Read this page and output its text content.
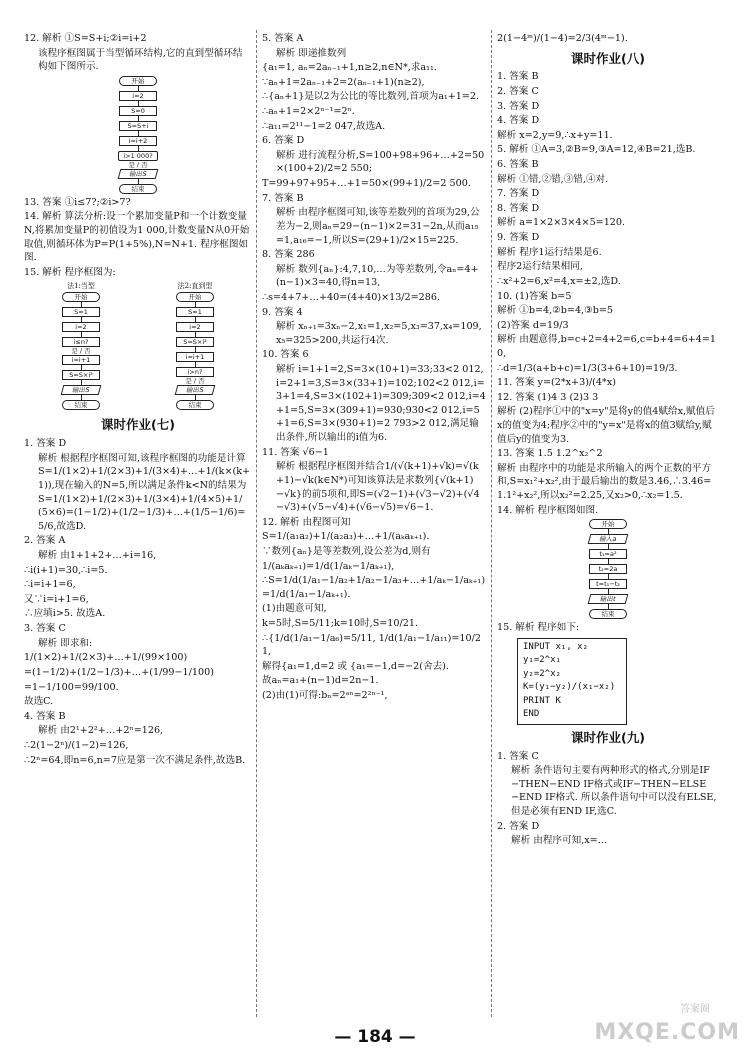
12. 解析 ①S=S+i;②i=i+2

该程序框图属于当型循环结构,它的直到型循环结构如下图所示.

开始
i=2
S=0
S=S+i
i=i+2
i>1 000?
是 / 否
输出S
结束

13. 答案 ①i≤7?;②i>7?

14. 解析 算法分析:设一个累加变量P和一个计数变量N,将累加变量P的初值设为1 000,计数变量N从0开始取值,则循环体为P=P(1+5%),N=N+1. 程序框图如图.

15. 解析 程序框图为:

法1:当型
开始
S=1
i=2
i≤n?
是 / 否
i=i+1
S=S×i²
输出S
结束
法2:直到型
开始
S=1
i=2
S=S×i²
i=i+1
i>n?
是 / 否
输出S
结束
课时作业(七)

1. 答案 D

解析 根据程序框图可知,该程序框图的功能是计算 S=1/(1×2)+1/(2×3)+1/(3×4)+…+1/(k×(k+1)),现在输入的N=5,所以满足条件k<N的结果为S=1/(1×2)+1/(2×3)+1/(3×4)+1/(4×5)+1/(5×6)=(1−1/2)+(1/2−1/3)+…+(1/5−1/6)=5/6,故选D.

2. 答案 A

解析 由1+1+2+…+i=16,

∴i(i+1)=30,∴i=5.

∴i=i+1=6,

又∵i=i+1=6,

∴应填i>5. 故选A.

3. 答案 C

解析 即求和:

1/(1×2)+1/(2×3)+…+1/(99×100)

=(1−1/2)+(1/2−1/3)+…+(1/99−1/100)

=1−1/100=99/100.

故选C.

4. 答案 B

解析 由2¹+2²+…+2ⁿ=126,

∴2(1−2ⁿ)/(1−2)=126,

∴2ⁿ=64,即n=6,n=7应是第一次不满足条件,故选B.

5. 答案 A

解析 即递推数列

{a₁=1, aₙ=2aₙ₋₁+1,n≥2,n∈N*,求a₁₁.

∵aₙ+1=2aₙ₋₁+2=2(aₙ₋₁+1)(n≥2),

∴{aₙ+1}是以2为公比的等比数列,首项为a₁+1=2.

∴aₙ+1=2×2ⁿ⁻¹=2ⁿ.

∴a₁₁=2¹¹−1=2 047,故选A.

6. 答案 D

解析 进行流程分析,S=100+98+96+…+2=50×(100+2)/2=2 550;

T=99+97+95+…+1=50×(99+1)/2=2 500.

7. 答案 B

解析 由程序框图可知,该等差数列的首项为29,公差为−2,则aₙ=29−(n−1)×2=31−2n,从而a₁₅=1,a₁₆=−1,所以S=(29+1)/2×15=225.

8. 答案 286

解析 数列{aₙ}:4,7,10,…为等差数列,令aₙ=4+(n−1)×3=40,得n=13,

∴s=4+7+…+40=(4+40)×13/2=286.

9. 答案 4

解析 xₙ₊₁=3xₙ−2,x₁=1,x₂=5,x₃=37,x₄=109,x₅=325>200,共运行4次.

10. 答案 6

解析 i=1+1=2,S=3×(10+1)=33;33<2 012,i=2+1=3,S=3×(33+1)=102;102<2 012,i=3+1=4,S=3×(102+1)=309;309<2 012,i=4+1=5,S=3×(309+1)=930;930<2 012,i=5+1=6,S=3×(930+1)=2 793>2 012,满足输出条件,所以输出的i值为6.

11. 答案 √6−1

解析 根据程序框图并结合1/(√(k+1)+√k)=√(k+1)−√k(k∈N*)可知该算法是求数列{√(k+1)−√k}的前5项和,即S=(√2−1)+(√3−√2)+(√4−√3)+(√5−√4)+(√6−√5)=√6−1.

12. 解析 由程图可知

S=1/(a₁a₂)+1/(a₂a₃)+…+1/(aₖaₖ₊₁).

∵数列{aₙ}是等差数列,设公差为d,则有

1/(aₖaₖ₊₁)=1/d(1/aₖ−1/aₖ₊₁),

∴S=1/d(1/a₁−1/a₂+1/a₂−1/a₃+…+1/aₖ−1/aₖ₊₁)=1/d(1/a₁−1/aₖ₊₁).

(1)由题意可知,

k=5时,S=5/11;k=10时,S=10/21.

∴{1/d(1/a₁−1/a₆)=5/11, 1/d(1/a₁−1/a₁₁)=10/21,

解得{a₁=1,d=2 或 {a₁=−1,d=−2(舍去).

故aₙ=a₁+(n−1)d=2n−1.

(2)由(1)可得:bₙ=2ᵃⁿ=2²ⁿ⁻¹,

2(1−4ᵐ)/(1−4)=2/3(4ᵐ−1).

课时作业(八)

1. 答案 B

2. 答案 C

3. 答案 D

4. 答案 D

解析 x=2,y=9,∴x+y=11.

5. 解析 ①A=3,②B=9,③A=12,④B=21,选B.

6. 答案 B

解析 ①错,②错,③错,④对.

7. 答案 D

8. 答案 D

解析 a=1×2×3×4×5=120.

9. 答案 D

解析 程序1运行结果是6.

程序2运行结果相同,

∴x²+2=6,x²=4,x=±2,选D.

10. (1)答案 b=5

解析 ①b=4,②b=4,③b=5

(2)答案 d=19/3

解析 由题意得,b=c+2=4+2=6,c=b+4=6+4=10,

∴d=1/3(a+b+c)=1/3(3+6+10)=19/3.

11. 答案 y=(2*x+3)/(4*x)

12. 答案 (1)4 3 (2)3 3

解析 (2)程序①中的"x=y"是将y的值4赋给x,赋值后x的值变为4;程序②中的"y=x"是将x的值3赋给y,赋值后y的值变为3.

13. 答案 1.5 1.2^x₂^2

解析 由程序中的功能是求所输入的两个正数的平方和,S=x₁²+x₂²,由于最后输出的数是3.46,∴3.46=1.1²+x₂²,所以x₂²=2.25,又x₂>0,∴x₂=1.5.

14. 解析 程序框图如图.

开始
输入a
t₁=a²
t₂=2a
t=t₁−t₂
输出t
结束

15. 解析 程序如下:

INPUT x₁, x₂
y₁=2^x₁
y₂=2^x₂
K=(y₁−y₂)/(x₁−x₂)
PRINT K
END
课时作业(九)

1. 答案 C

解析 条件语句主要有两种形式的格式,分别是IF−THEN−END IF格式或IF−THEN−ELSE−END IF格式. 所以条件语句中可以没有ELSE,但是必须有END IF,选C.

2. 答案 D

解析 由程序可知,x=…

— 184 —
答案圈
MXQE.COM
